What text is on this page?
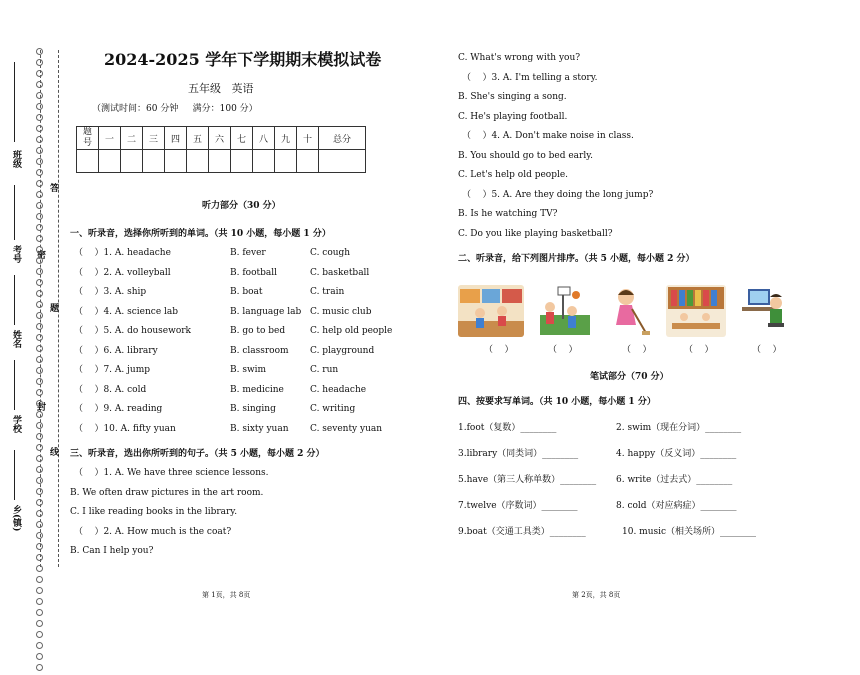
班级
考号
姓名
学校
乡(镇)
答
密
题
封
线
2024-2025 学年下学期期末模拟试卷
五年级   英语
（测试时间：60 分钟     满分：100 分）
题
号	一	二	三	四	五	六	七	八	九	十	总分

听力部分（30 分）
一、听录音，选择你所听到的单词。（共 10 小题，每小题 1 分）
（    ）1. A. headache	B. fever	C. cough
（    ）2. A. volleyball	B. football	C. basketball
（    ）3. A. ship	B. boat	C. train
（    ）4. A. science lab	B. language lab C. music club
（    ）5. A. do housework	B. go to bed	C. help old people
（    ）6. A. library	B. classroom C. playground
（    ）7. A. jump	B. swim	C. run
（    ）8. A. cold	B. medicine	C. headache
（    ）9. A. reading	B. singing	C. writing
（    ）10. A. fifty yuan	B. sixty yuan C. seventy yuan
三、听录音，选出你所听到的句子。（共 5 小题，每小题 2 分）
（    ）1. A. We have three science lessons.
B. We often draw pictures in the art room.
C. I like reading books in the library.
（    ）2. A. How much is the coat?
B. Can I help you?
第 1页，共 8页
C. What's wrong with you?
（    ）3. A. I'm telling a story.
B. She's singing a song.
C. He's playing football.
（    ）4. A. Don't make noise in class.
B. You should go to bed early.
C. Let's help old people.
（    ）5. A. Are they doing the long jump?
B. Is he watching TV?
C. Do you like playing basketball?
二、听录音，给下列图片排序。（共 5 小题，每小题 2 分）
（    ）	（    ）	（    ）	（    ）	（    ）
笔试部分（70 分）
四、按要求写单词。（共 10 小题，每小题 1 分）
1.foot（复数）________	2. swim（现在分词）________
3.library（同类词）________	4. happy（反义词）________
5.have（第三人称单数）________ 6. write（过去式）________
7.twelve（序数词）________	8. cold（对应病症）________
9.boat（交通工具类）________	10. music（相关场所）________
第 2页，共 8页
